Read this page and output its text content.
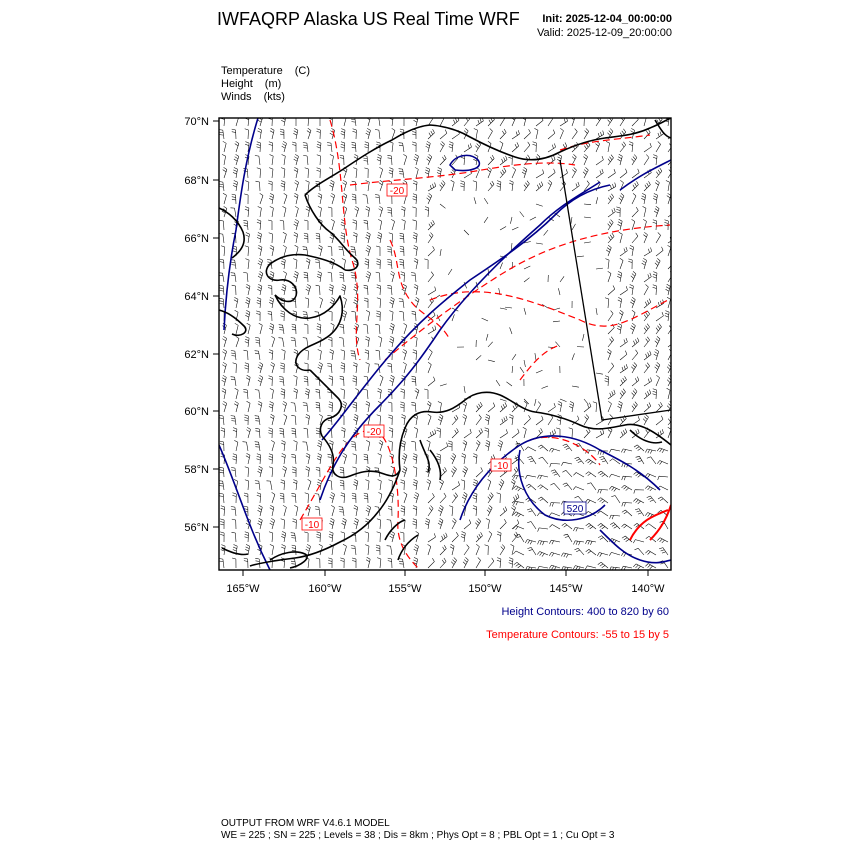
IWFAQRP Alaska US Real Time WRF Init: 2025-12-04_00:00:00
Valid: 2025-12-09_20:00:00
Temperature (C)
Height (m)
Winds (kts)
70°N
68°N
66°N
64°N
62°N
60°N
58°N
56°N
165°W	160°W	155°W	150°W	145°W	140°W
-20
-20
-10
-10
520
Height Contours: 400 to 820 by 60
Temperature Contours: -55 to 15 by 5
OUTPUT FROM WRF V4.6.1 MODEL
WE = 225 ; SN = 225 ; Levels = 38 ; Dis = 8km ; Phys Opt = 8 ; PBL Opt = 1 ; Cu Opt = 3
